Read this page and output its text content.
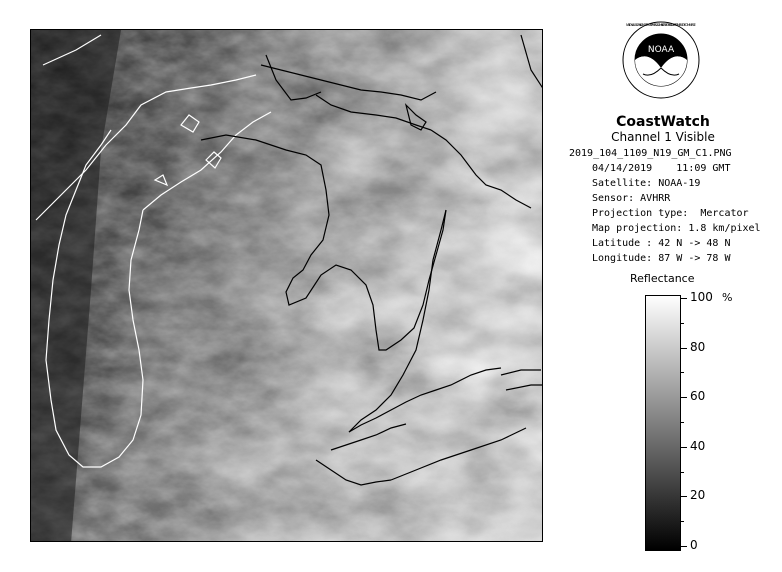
NOAA
NATIONAL OCEANIC AND ATMOSPHERIC ADMINISTRATION · U.S. DEPARTMENT OF COMMERCE
CoastWatch
Channel 1 Visible
2019_104_1109_N19_GM_C1.PNG
04/14/2019    11:09 GMT
Satellite: NOAA-19
Sensor: AVHRR
Projection type:  Mercator
Map projection: 1.8 km/pixel
Latitude : 42 N -> 48 N
Longitude: 87 W -> 78 W
Reflectance
%
100
80
60
40
20
0
